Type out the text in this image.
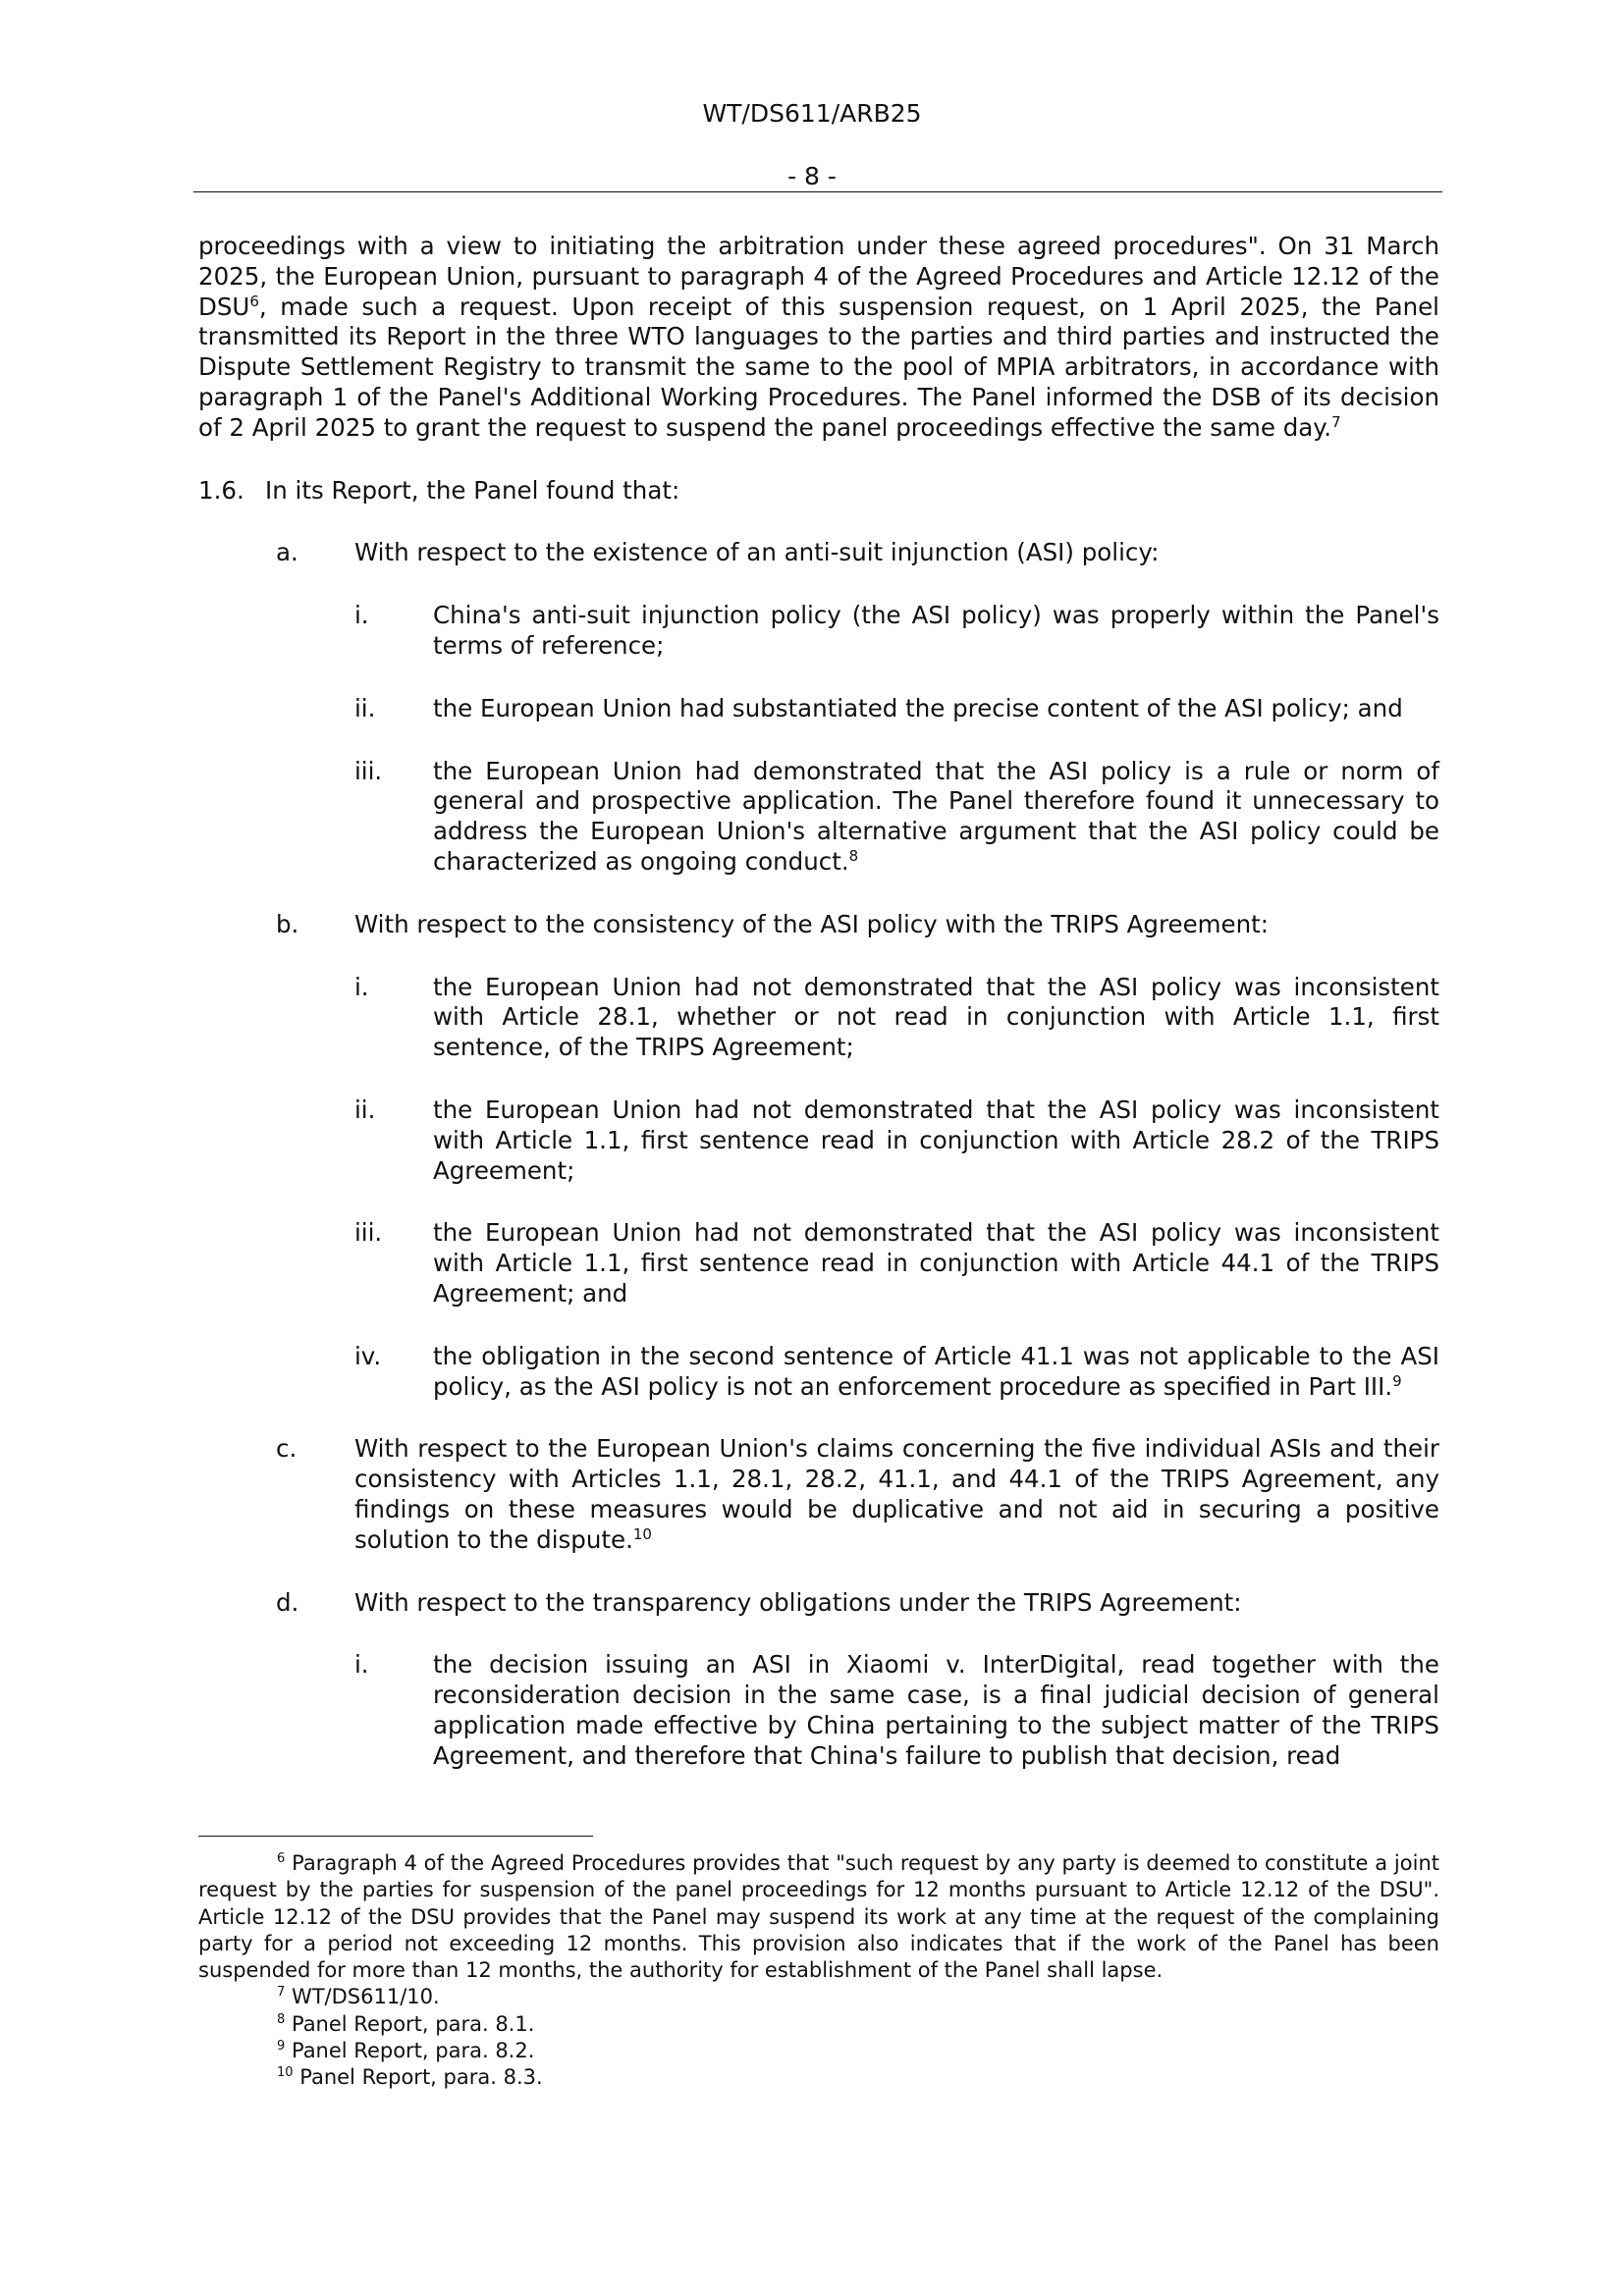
WT/DS611/ARB25
- 8 -

proceedings with a view to initiating the arbitration under these agreed procedures". On 31 March 2025, the European Union, pursuant to paragraph 4 of the Agreed Procedures and Article 12.12 of the DSU$^6$, made such a request. Upon receipt of this suspension request, on 1 April 2025, the Panel transmitted its Report in the three WTO languages to the parties and third parties and instructed the Dispute Settlement Registry to transmit the same to the pool of MPIA arbitrators, in accordance with paragraph 1 of the Panel's Additional Working Procedures. The Panel informed the DSB of its decision of 2 April 2025 to grant the request to suspend the panel proceedings effective the same day.$^7$

1.6. In its Report, the Panel found that:
a.	With respect to the existence of an anti-suit injunction (ASI) policy:
i.	China's anti-suit injunction policy (the ASI policy) was properly within the Panel's terms of reference;
ii.	the European Union had substantiated the precise content of the ASI policy; and
iii.	the European Union had demonstrated that the ASI policy is a rule or norm of general and prospective application. The Panel therefore found it unnecessary to address the European Union's alternative argument that the ASI policy could be characterized as ongoing conduct.$^8$
b.	With respect to the consistency of the ASI policy with the TRIPS Agreement:
i.	the European Union had not demonstrated that the ASI policy was inconsistent with Article 28.1, whether or not read in conjunction with Article 1.1, first sentence, of the TRIPS Agreement;
ii.	the European Union had not demonstrated that the ASI policy was inconsistent with Article 1.1, first sentence read in conjunction with Article 28.2 of the TRIPS Agreement;
iii.	the European Union had not demonstrated that the ASI policy was inconsistent with Article 1.1, first sentence read in conjunction with Article 44.1 of the TRIPS Agreement; and
iv.	the obligation in the second sentence of Article 41.1 was not applicable to the ASI policy, as the ASI policy is not an enforcement procedure as specified in Part III.$^9$
c.	With respect to the European Union's claims concerning the five individual ASIs and their consistency with Articles 1.1, 28.1, 28.2, 41.1, and 44.1 of the TRIPS Agreement, any findings on these measures would be duplicative and not aid in securing a positive solution to the dispute.$^{10}$
d.	With respect to the transparency obligations under the TRIPS Agreement:
i.	the decision issuing an ASI in Xiaomi v. InterDigital, read together with the reconsideration decision in the same case, is a final judicial decision of general application made effective by China pertaining to the subject matter of the TRIPS Agreement, and therefore that China's failure to publish that decision, read

$^6$ Paragraph 4 of the Agreed Procedures provides that "such request by any party is deemed to constitute a joint request by the parties for suspension of the panel proceedings for 12 months pursuant to Article 12.12 of the DSU". Article 12.12 of the DSU provides that the Panel may suspend its work at any time at the request of the complaining party for a period not exceeding 12 months. This provision also indicates that if the work of the Panel has been suspended for more than 12 months, the authority for establishment of the Panel shall lapse.

$^7$ WT/DS611/10.

$^8$ Panel Report, para. 8.1.

$^9$ Panel Report, para. 8.2.

$^{10}$ Panel Report, para. 8.3.
